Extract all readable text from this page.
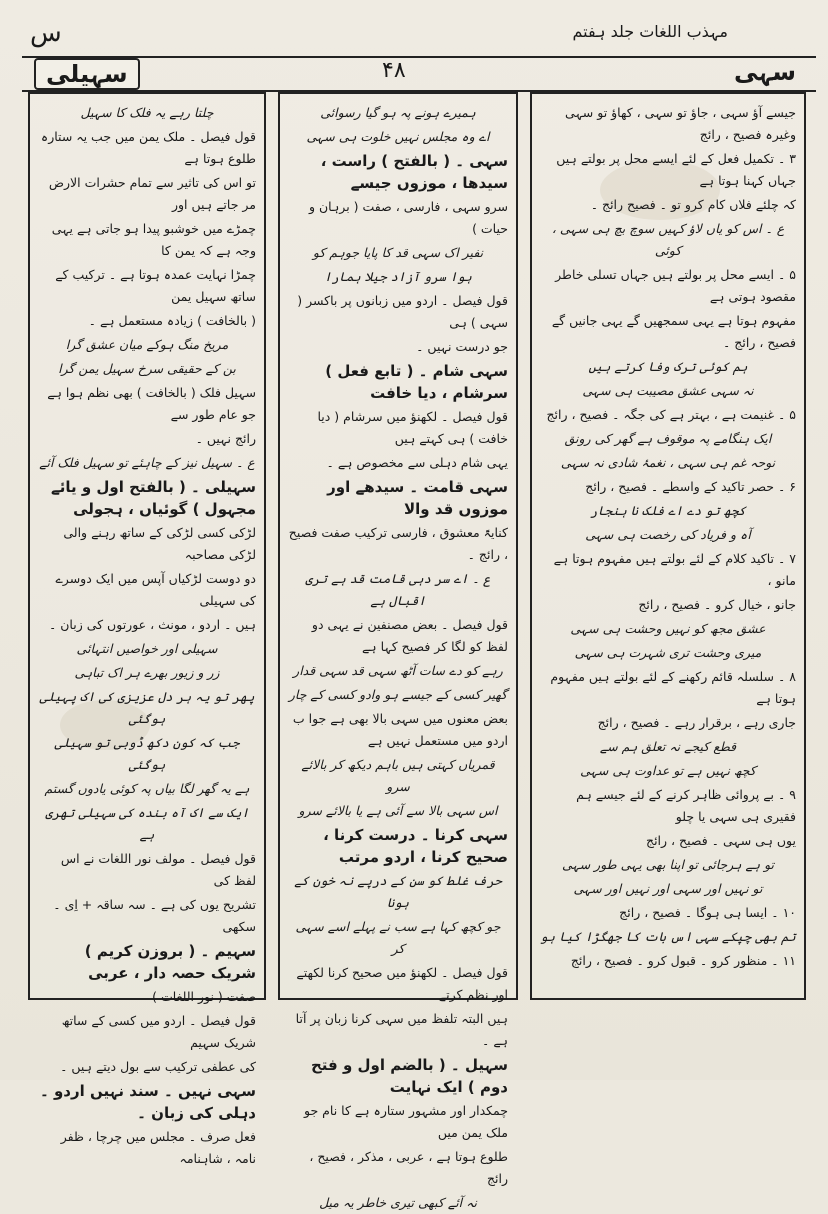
س	مہذب اللغات جلد ہفتم
سہیلی	۴۸	سہی

جیسے آؤ سہی ، جاؤ تو سہی ، کھاؤ تو سہی وغیرہ فصیح ، رائج

۳ ۔ تکمیل فعل کے لئے ایسے محل پر بولتے ہیں جہاں کہنا ہوتا ہے

کہ چلئے فلاں کام کرو تو ۔ فصیح رائج ۔

ع ۔ اس کو یاں لاؤ کہیں سوچ بچ ہی سہی ، کوئی

۵ ۔ ایسے محل پر بولتے ہیں جہاں تسلی خاطر مقصود ہوتی ہے

مفہوم ہوتا ہے یہی سمجھیں گے یہی جانیں گے فصیح ، رائج ۔

ہم کوئی ترک وفا کرتے ہیں

نہ سہی عشق مصیبت ہی سہی

۵ ۔ غنیمت ہے ، بہتر ہے کی جگہ ۔ فصیح ، رائج

ایک ہنگامے پہ موقوف ہے گھر کی رونق

نوحہ غم ہی سہی ، نغمۂ شادی نہ سہی

۶ ۔ حصر تاکید کے واسطے ۔ فصیح ، رائج

کچھ تو دے اے فلک نا ہنجار

آہ و فریاد کی رخصت ہی سہی

۷ ۔ تاکید کلام کے لئے بولتے ہیں مفہوم ہوتا ہے مانو ،

جانو ، خیال کرو ۔ فصیح ، رائج

عشق مجھ کو نہیں وحشت ہی سہی

میری وحشت تری شہرت ہی سہی

۸ ۔ سلسلہ قائم رکھنے کے لئے بولتے ہیں مفہوم ہوتا ہے

جاری رہے ، برقرار رہے ۔ فصیح ، رائج

قطع کیجے نہ تعلق ہم سے

کچھ نہیں ہے تو عداوت ہی سہی

۹ ۔ بے پروائی ظاہر کرنے کے لئے جیسے ہم فقیری ہی سہی یا چلو

یوں ہی سہی ۔ فصیح ، رائج

تو ہے ہرجائی تو اپنا بھی یہی طور سہی

تو نہیں اور سہی اور نہیں اور سہی

۱۰ ۔ ایسا ہی ہوگا ۔ فصیح ، رائج

تم بھی چپکے سہی اس بات کا جھگڑا کیا ہو

۱۱ ۔ منظور کرو ۔ قبول کرو ۔ فصیح ، رائج

ہمیرے ہونے پہ ہو گیا رسوائی

اے وہ مجلس نہیں خلوت ہی سہی

سہی ۔ ( بالفتح ) راست ، سیدھا ، موزوں جیسے

سرو سہی ، فارسی ، صفت ( برہان و حیات )

نفیر اک سہی قد کا پایا جوہم کو

ہوا سرو آزاد جیلا ہمارا

قول فیصل ۔ اردو میں زبانوں پر باکسر ( سہی ) ہی

جو درست نہیں ۔

سہی شام ۔ ( تابع فعل ) سرشام ، دیا خافت

قول فیصل ۔ لکھنؤ میں سرشام ( دیا خافت ) ہی کہتے ہیں

یہی شام دہلی سے مخصوص ہے ۔

سہی قامت ۔ سیدھے اور موزوں قد والا

کنایۃً معشوق ، فارسی ترکیب صفت فصیح ، رائج ۔

ع ۔ اے سر دہی قامت قد ہے تری اقبال ہے

قول فیصل ۔ بعض مصنفین نے یہی دو لفظ کو لگا کر فصیح کہا ہے

رہے کو دے سات آٹھ سہی قد سہی قدار

گھیر کسی کے جیسے ہو وادو کسی کے چار

بعض معنوں میں سہی بالا بھی ہے جوا ب اردو میں مستعمل نہیں ہے

قمریاں کہتی ہیں باہم دیکھ کر بالائے سرو

اس سہی بالا سے آئی ہے یا بالائے سرو

سہی کرنا ۔ درست کرنا ، صحیح کرنا ، اردو مرتب

حرف غلط کو سن کے درپے نہ خون کے ہونا

جو کچھ کہا ہے سب نے پہلے اسے سہی کر

قول فیصل ۔ لکھنؤ میں صحیح کرنا لکھتے اور نظم کرتے

ہیں البتہ تلفظ میں سہی کرنا زبان پر آتا ہے ۔

سہیل ۔ ( بالضم اول و فتح دوم ) ایک نہایت

چمکدار اور مشہور ستارہ ہے کا نام جو ملک یمن میں

طلوع ہوتا ہے ، عربی ، مذکر ، فصیح ، رائج

نہ آئے کبھی تیری خاطر یہ میل

چلتا رہے یہ فلک کا سہیل

قول فیصل ۔ ملک یمن میں جب یہ ستارہ طلوع ہوتا ہے

تو اس کی تاثیر سے تمام حشرات الارض مر جاتے ہیں اور

چمڑے میں خوشبو پیدا ہو جاتی ہے یہی وجہ ہے کہ یمن کا

چمڑا نہایت عمدہ ہوتا ہے ۔ ترکیب کے ساتھ سہیل یمن

( بالخافت ) زیادہ مستعمل ہے ۔

مریخ منگ ہوکے میان عشق گرا

بن کے حقیقی سرخ سہیل یمن گرا

سہیل فلک ( بالخافت ) بھی نظم ہوا ہے جو عام طور سے

رائج نہیں ۔

ع ۔ سہیل نیز کے چاہئے تو سہیل فلک آئے

سہیلی ۔ ( بالفتح اول و یائے مجہول ) گوئیاں ، ہجولی

لڑکی کسی لڑکی کے ساتھ رہنے والی لڑکی مصاحبہ

دو دوست لڑکیاں آپس میں ایک دوسرے کی سہیلی

ہیں ۔ اردو ، مونث ، عورتوں کی زبان ۔

سہیلی اور خواصیں انتہائی

زر و زیور بھرے ہر اک تباہی

پھر تو یہ ہر دل عزیزی کی اک پہیلی ہوگئی

جب کہ کون دکھ ڈوبی تو سہیلی ہوگئی

ہے یہ گھر لگا بیاں پہ کوئی یادوں گستم

ایک سے اک آہ بندہ کی سہیلی تھری ہے

قول فیصل ۔ مولف نور اللغات نے اس لفظ کی

تشریح یوں کی ہے ۔ سہ ساقہ + اِی ۔ سکھی

سہیم ۔ ( بروزن کریم ) شریک حصہ دار ، عربی

صفت ( نور اللغات )

قول فیصل ۔ اردو میں کسی کے ساتھ شریک سہیم

کی عطفی ترکیب سے بول دیتے ہیں ۔

سہی نہیں ۔ سند نہیں اردو ۔ دہلی کی زبان ۔

فعل صرف ۔ مجلس میں چرچا ، ظفر نامہ ، شاہنامہ
